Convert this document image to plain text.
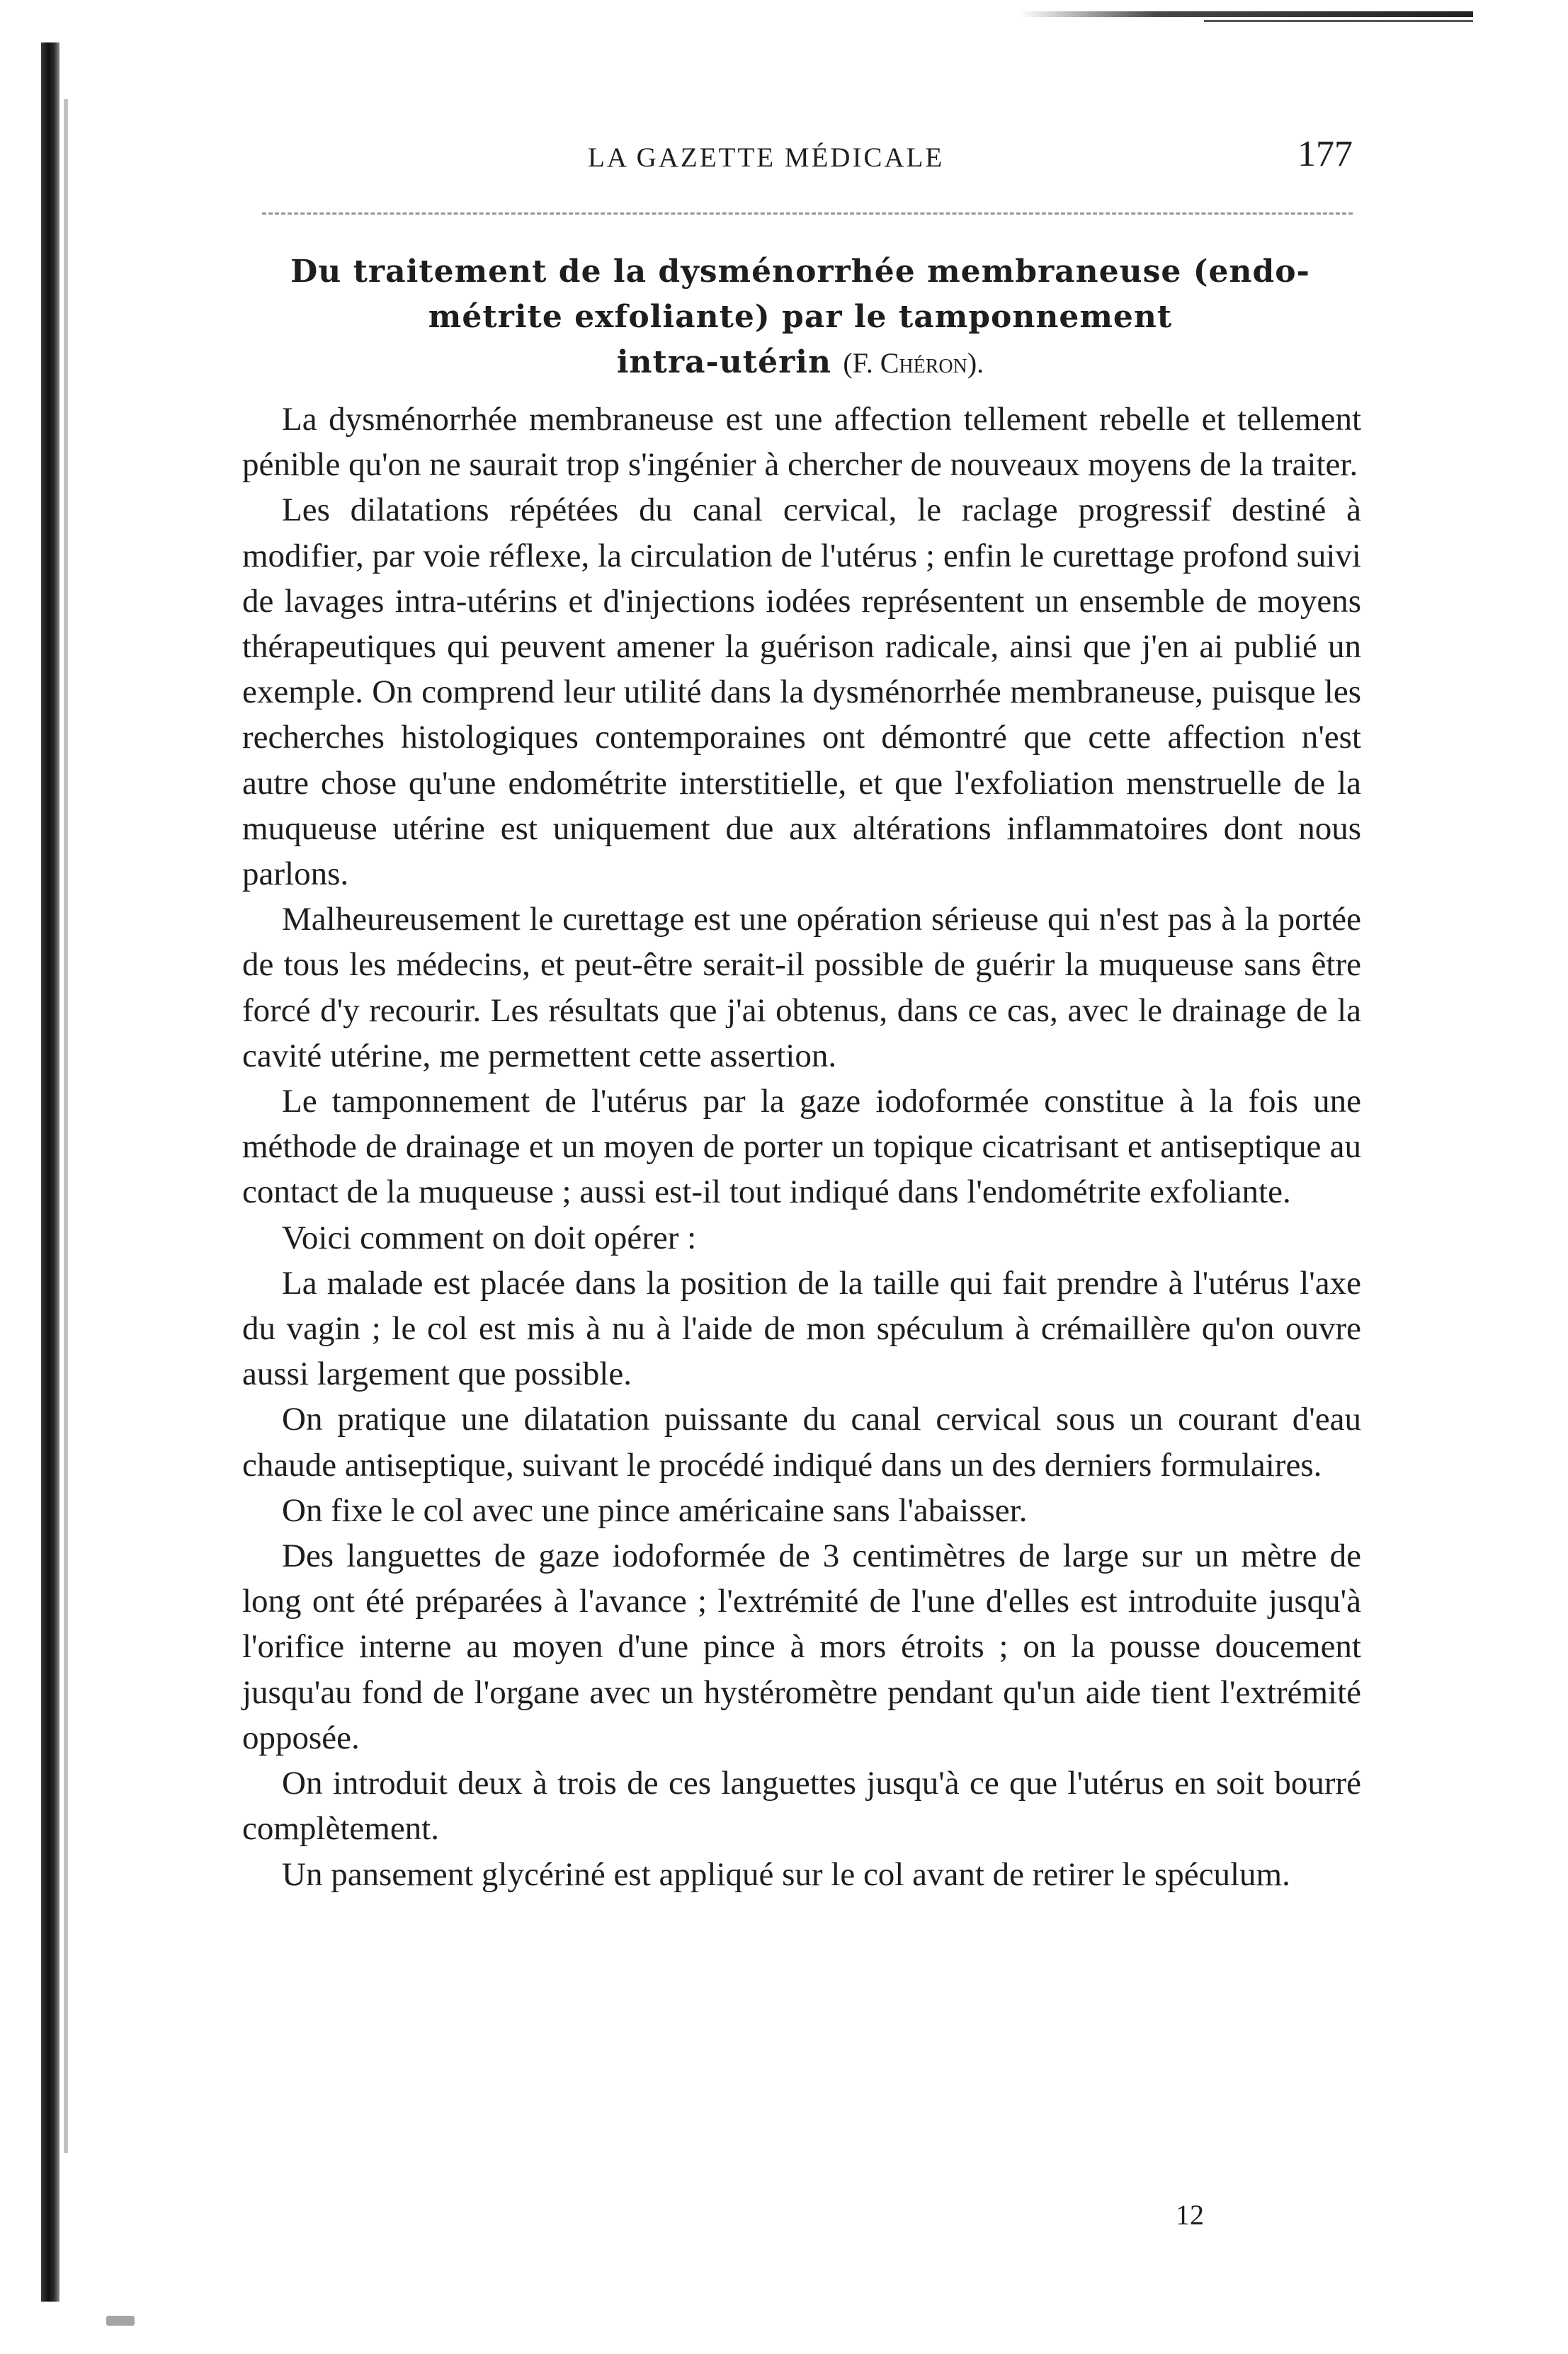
LA GAZETTE MÉDICALE	177
Du traitement de la dysménorrhée membraneuse (endo-
métrite exfoliante) par le tamponnement
intra-utérin (F. Chéron).

La dysménorrhée membraneuse est une affection tellement rebelle et tellement pénible qu'on ne saurait trop s'ingénier à chercher de nouveaux moyens de la traiter.

Les dilatations répétées du canal cervical, le raclage progressif destiné à modifier, par voie réflexe, la circulation de l'utérus ; enfin le curettage profond suivi de lavages intra-utérins et d'injections iodées représentent un ensemble de moyens thérapeutiques qui peuvent amener la guérison radicale, ainsi que j'en ai publié un exemple. On comprend leur utilité dans la dysménorrhée membraneuse, puisque les recherches histologiques contemporaines ont démontré que cette affection n'est autre chose qu'une endométrite interstitielle, et que l'exfoliation menstruelle de la muqueuse utérine est uniquement due aux altérations inflammatoires dont nous parlons.

Malheureusement le curettage est une opération sérieuse qui n'est pas à la portée de tous les médecins, et peut-être serait-il possible de guérir la muqueuse sans être forcé d'y recourir. Les résultats que j'ai obtenus, dans ce cas, avec le drainage de la cavité utérine, me permettent cette assertion.

Le tamponnement de l'utérus par la gaze iodoformée constitue à la fois une méthode de drainage et un moyen de porter un topique cicatrisant et antiseptique au contact de la muqueuse ; aussi est-il tout indiqué dans l'endométrite exfoliante.

Voici comment on doit opérer :

La malade est placée dans la position de la taille qui fait prendre à l'utérus l'axe du vagin ; le col est mis à nu à l'aide de mon spéculum à crémaillère qu'on ouvre aussi largement que possible.

On pratique une dilatation puissante du canal cervical sous un courant d'eau chaude antiseptique, suivant le procédé indiqué dans un des derniers formulaires.

On fixe le col avec une pince américaine sans l'abaisser.

Des languettes de gaze iodoformée de 3 centimètres de large sur un mètre de long ont été préparées à l'avance ; l'extrémité de l'une d'elles est introduite jusqu'à l'orifice interne au moyen d'une pince à mors étroits ; on la pousse doucement jusqu'au fond de l'organe avec un hystéromètre pendant qu'un aide tient l'extrémité opposée.

On introduit deux à trois de ces languettes jusqu'à ce que l'utérus en soit bourré complètement.

Un pansement glycériné est appliqué sur le col avant de retirer le spéculum.

12
